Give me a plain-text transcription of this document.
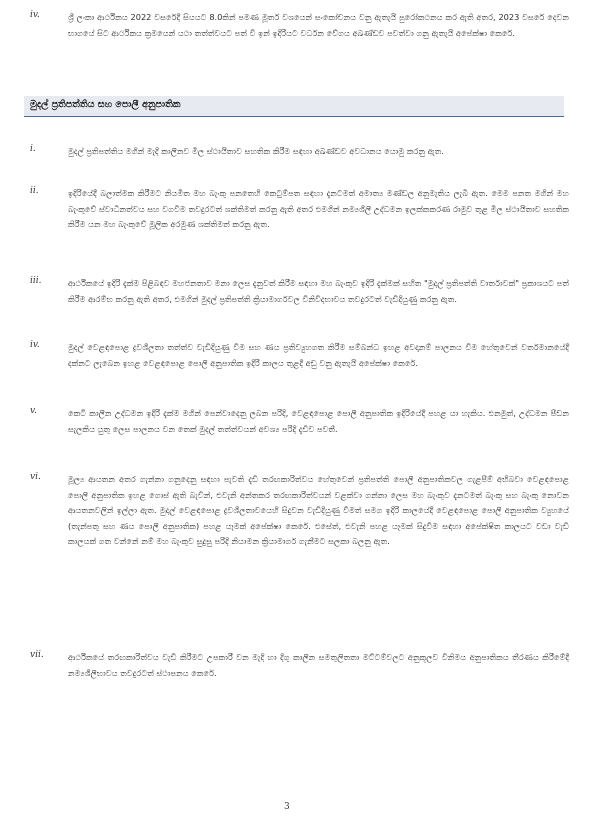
iv.	ශ්‍රී ලංකා ආර්ථිකය 2022 වසරේදී සියයට 8.0කින් පමණ මූර්ත වශයෙන් සංකෝචනය වනු ඇතැයි පුරෝකථනය කර ඇති අතර, 2023 වසරේ දෙවන භාගයේ සිට ආර්ථිකය ක්‍රමයෙන් යථා තත්ත්වයට පත් වී ඉන් ඉදිරියට වර්ධන වේගය අඛණ්ඩව පවත්වා ගනු ඇතැයි අපේක්ෂා කෙරේ.
මුදල් ප්‍රතිපත්තිය සහ පොලී අනුපාතික
i.	මුදල් ප්‍රතිපත්තිය මගින් මැදි කාලීනව මිල ස්ථායීතාව සහතික කිරීම සඳහා අඛණ්ඩව අවධානය යොමු කරනු ඇත.
ii.	ඉදිරියේදී බලාත්මක කිරීමට නියමිත මහ බැංකු පනතෙහි කෙටුම්පත සඳහා දැනටමත් අමාත්‍ය මණ්ඩල අනුමැතිය ලැබී ඇත. මෙම පනත මගින් මහ බැංකුවේ ස්වාධීනත්වය සහ වගවීම තවදුරටත් ශක්තිමත් කරනු ඇති අතර එමගින් නම්‍යශීලී උද්ධමන ඉලක්කකරණ රාමුව තුළ මිල ස්ථායීතාව සහතික කිරීම යන මහ බැංකුවේ මූලික අරමුණ ශක්තිමත් කරනු ඇත.
iii.	ආර්ථිකයේ ඉදිරි දැක්ම පිළිබඳව මහජනතාව මනා ලෙස දැනුවත් කිරීම සඳහා මහ බැංකුව ඉදිරි දැක්මක් සහිත "මුදල් ප්‍රතිපත්ති වාර්තාවක්" ප්‍රකාශයට පත් කිරීම ආරම්භ කරනු ඇති අතර, එමගින් මුදල් ප්‍රතිපත්ති ක්‍රියාමාර්ගවල විනිවිදභාවය තවදුරටත් වැඩිදියුණු කරනු ඇත.
iv.	මුදල් වෙළඳපොළ ද්‍රවශීලතා තත්ත්ව වැඩිදියුණු වීම සහ ණය ප්‍රතිව්‍යුහගත කිරීම සම්බන්ධ ඉහළ අවදානම් පාලනය වීම හේතුවෙන් වර්තමානයේදී දක්නට ලැබෙන ඉහළ වෙළඳපොළ පොලී අනුපාතික ඉදිරි කාලය තුළදී අඩු වනු ඇතැයි අපේක්ෂා කෙරේ.
v.	කෙටි කාලීන උද්ධමන ඉදිරි දැක්ම මගින් පෙන්වාදෙනු ලබන පරිදි, වෙළඳපොළ පොලී අනුපාතික ඉදිරියේදී පහළ යා හැකිය. එනමුත්, උද්ධමන පීඩන සැලකිය යුතු ලෙස පාලනය වන තෙක් මුදල් තත්ත්වයන් අවශ්‍ය පරිදි දැඩිව පවතී.
vi.	මූල්‍ය ආයතන අතර ගැන්නා ගනුදෙනු සඳහා පැවති දැඩි තරඟකාරිත්වය හේතුවෙන් ප්‍රතිපත්ති පොලී අනුපාතිකවල ගැළපීම් අභිබවා වෙළඳපොළ පොලී අනුපාතික ඉහළ ගොස් ඇති බැවින්, එවැනි අන්තකර තරඟකාරිත්වයන් වළක්වා ගන්නා ලෙස මහ බැංකුව දැනටමත් බැංකු සහ බැංකු නොවන ආයතනවලින් ඉල්ලා ඇත. මුදල් වෙළඳපොළ ද්‍රවශීලතාවයෙහි සිදුවන වැඩිදියුණු වීමත් සමග ඉදිරි කාලයේදී වෙළඳපොළ පොලී අනුපාතික ව්‍යුහයේ (තැන්පතු සහ ණය පොලී අනුපාතික) පහළ යෑමක් අපේක්ෂා කෙරේ. එසේත්, එවැනි පහළ යෑමක් සිදුවීම සඳහා අපේක්ෂිත කාලයට වඩා වැඩි කාලයක් ගත වන්නේ නම් මහ බැංකුව සුදුසු පරිදි නියාමන ක්‍රියාමාර්ග ගැනීමට සලකා බලනු ඇත.
vii.	ආර්ථිකයේ තරඟකාරිත්වය වැඩි කිරීමට උපකාරී වන මැදි හා දිගු කාලීන සමතුලිතතා මට්ටම්වලට අනුකූලව විනිමය අනුපාතිකය තීරණය කිරීමේදී නම්‍යශීලීභාවය තවදුරටත් ස්ථාපනය කෙරේ.
3
